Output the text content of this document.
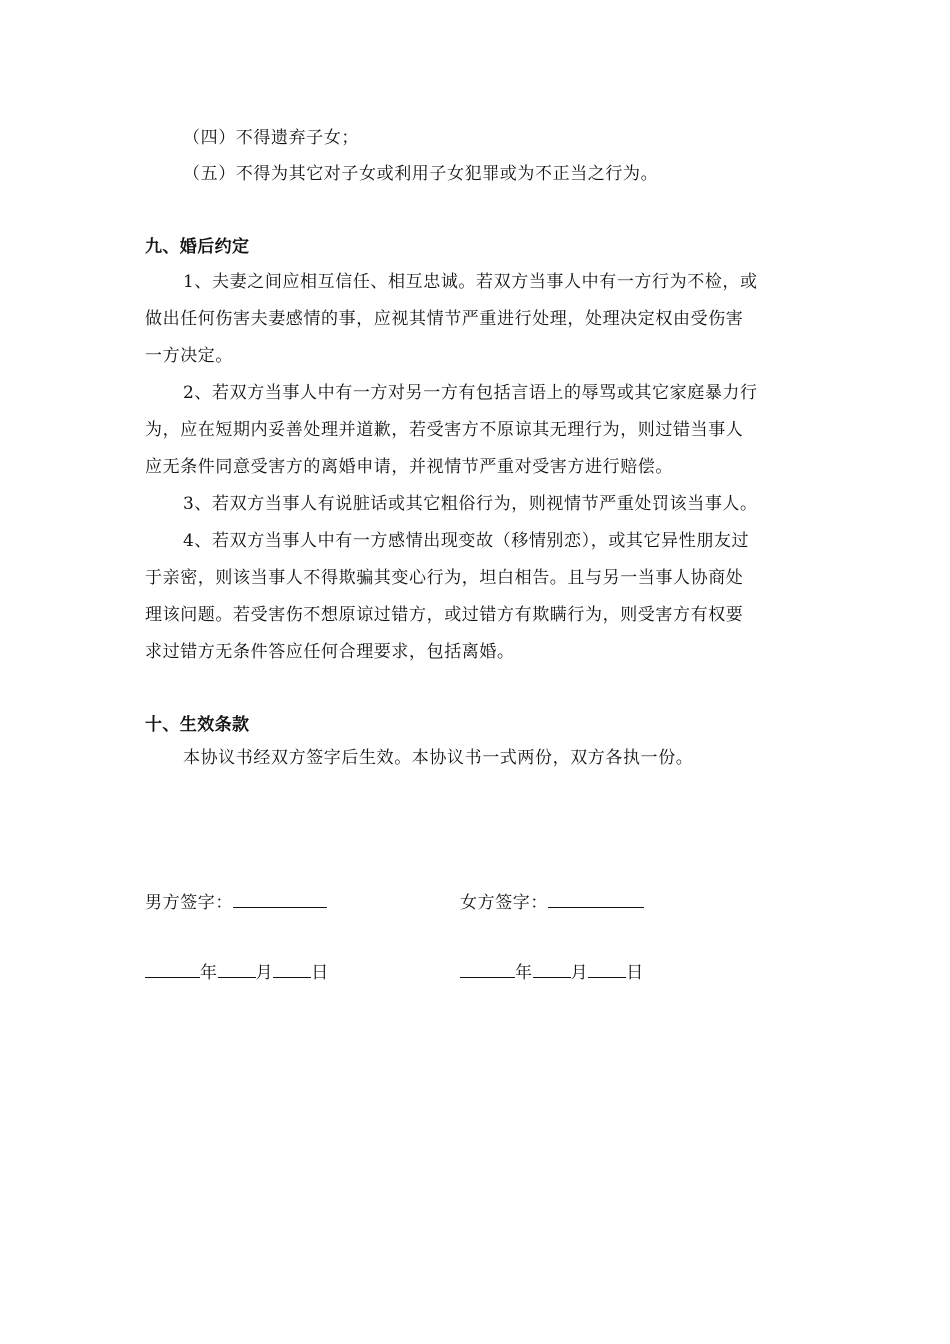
（四）不得遗弃子女；
（五）不得为其它对子女或利用子女犯罪或为不正当之行为。
九、婚后约定
1、夫妻之间应相互信任、相互忠诚。若双方当事人中有一方行为不检，或
做出任何伤害夫妻感情的事，应视其情节严重进行处理，处理决定权由受伤害
一方决定。
2、若双方当事人中有一方对另一方有包括言语上的辱骂或其它家庭暴力行
为，应在短期内妥善处理并道歉，若受害方不原谅其无理行为，则过错当事人
应无条件同意受害方的离婚申请，并视情节严重对受害方进行赔偿。
3、若双方当事人有说脏话或其它粗俗行为，则视情节严重处罚该当事人。
4、若双方当事人中有一方感情出现变故（移情别恋），或其它异性朋友过
于亲密，则该当事人不得欺骗其变心行为，坦白相告。且与另一当事人协商处
理该问题。若受害伤不想原谅过错方，或过错方有欺瞒行为，则受害方有权要
求过错方无条件答应任何合理要求，包括离婚。
十、生效条款
本协议书经双方签字后生效。本协议书一式两份，双方各执一份。
男方签字：	女方签字：
年 月 日	年 月 日
